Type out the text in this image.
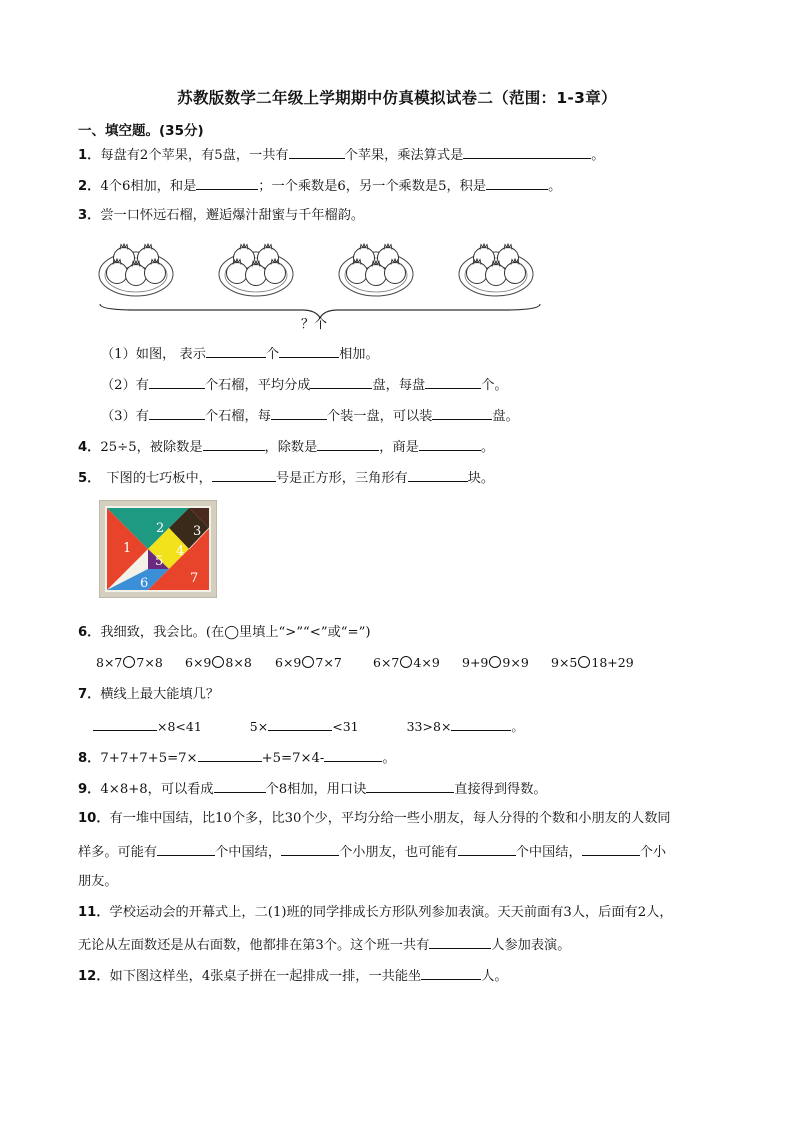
苏教版数学二年级上学期期中仿真模拟试卷二（范围：1-3章）
一、填空题。(35分)
1．每盘有2个苹果，有5盘，一共有	个苹果，乘法算式是	。
2．4个6相加，和是	；一个乘数是6，另一个乘数是5，积是	。
3．尝一口怀远石榴，邂逅爆汁甜蜜与千年榴韵。
？个
（1）如图， 表示	个	相加。
（2）有	个石榴，平均分成	盘，每盘	个。
（3）有	个石榴，每	个装一盘，可以装	盘。
4．25÷5，被除数是	，除数是	，商是	。
5． 下图的七巧板中，	号是正方形，三角形有	块。
1
2 3
4
5
6	7
6．我细致，我会比。(在◯里填上“>”“<”或“=”)
8×7 7×8 6×9 8×8 6×9 7×7 6×7 4×9 9+9 9×9 9×5 18+29
7．横线上最大能填几？
×8<41	5×	<31	33>8×	。
8．7+7+7+5=7×	+5=7×4-	。
9．4×8+8，可以看成	个8相加，用口诀	直接得到得数。
10．有一堆中国结，比10个多，比30个少，平均分给一些小朋友，每人分得的个数和小朋友的人数同
样多。可能有	个中国结，	个小朋友，也可能有	个中国结，	个小
朋友。
11．学校运动会的开幕式上，二(1)班的同学排成长方形队列参加表演。天天前面有3人，后面有2人，
无论从左面数还是从右面数，他都排在第3个。这个班一共有	人参加表演。
12．如下图这样坐，4张桌子拼在一起排成一排，一共能坐	人。
